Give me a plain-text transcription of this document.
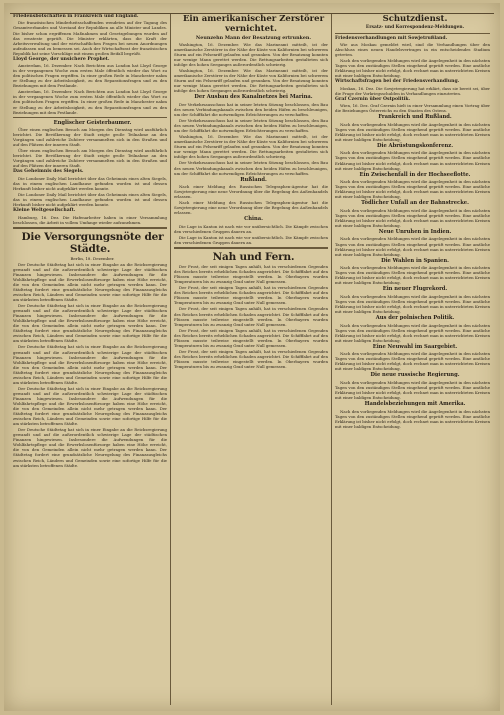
Friedensbotschaften in Frankreich und England.

Die französischen Minderheitsschaffenden wendeten auf der Tagung des Gesamtverbandes und Vorstand der Republiken an alle Minister und Landes. Die bisher schon ergriffenen Maßnahmen und Gesetzgebungen wurden auf das ernsteste geprüft. Die Minister erklärten, dass die Kraft der Arbeitsverwaltung und der wirtschaftlichen Fragen bei neuen Anordnungen aufzufassen und zu bemessen sei. Auch der Wirtschaftsrat der französischen Republik hat seine Vorschläge mit einem großen Beifall begrüßt.

Lloyd George, der unsichere Prophet.

Amsterdam, 16. Dezember. Nach Berichten aus London hat Lloyd George in der vergangenen Woche zum ersten Male öffentlich wieder das Wort zu den politischen Fragen ergriffen. In einer großen Rede in Manchester nahm er Stellung zu der Arbeitslosigkeit, zu den Reparationsfragen und zu den Beziehungen mit dem Festlande.

Amsterdam, 16. Dezember. Nach Berichten aus London hat Lloyd George in der vergangenen Woche zum ersten Male öffentlich wieder das Wort zu den politischen Fragen ergriffen. In einer großen Rede in Manchester nahm er Stellung zu der Arbeitslosigkeit, zu den Reparationsfragen und zu den Beziehungen mit dem Festlande.

Englischer Geisterbaumer.

Über einen englischen Besuch am Morgen des Dienstag wird ausführlich berichtet. Die Bevölkerung der Stadt zeigte große Teilnahme an den Vorgängen und zahlreiche Zuhörer versammelten sich in den Straßen und auf den Plätzen der inneren Stadt.

Über einen englischen Besuch am Morgen des Dienstag wird ausführlich berichtet. Die Bevölkerung der Stadt zeigte große Teilnahme an den Vorgängen und zahlreiche Zuhörer versammelten sich in den Straßen und auf den Plätzen der inneren Stadt.

Das Geheimnis des Siegels.

Die Londoner Daily Mail berichtet über das Geheimnis eines alten Siegels, das in einem englischen Landhause gefunden worden ist und dessen Herkunft bisher nicht aufgeklärt werden konnte.

Die Londoner Daily Mail berichtet über das Geheimnis eines alten Siegels, das in einem englischen Landhause gefunden worden ist und dessen Herkunft bisher nicht aufgeklärt werden konnte.

Kleine Weltgesellschaft.

Hamburg, 16. Dez. Die Hafenarbeiter haben in einer Versammlung beschlossen, die Arbeit in vollem Umfange wieder aufzunehmen.

Die Versorgungsnöte der Städte.

Berlin, 18. Dezember.

Der Deutsche Städtetag hat sich in einer Eingabe an die Reichsregierung gewandt und auf die außerordentlich schwierige Lage der städtischen Finanzen hingewiesen. Insbesondere die Aufwendungen für die Wohlfahrtspflege und die Erwerbslosenfürsorge haben eine Höhe erreicht, die von den Gemeinden allein nicht mehr getragen werden kann. Der Städtetag fordert eine grundsätzliche Neuregelung des Finanzausgleichs zwischen Reich, Ländern und Gemeinden sowie eine sofortige Hilfe für die am stärksten betroffenen Städte.

Der Deutsche Städtetag hat sich in einer Eingabe an die Reichsregierung gewandt und auf die außerordentlich schwierige Lage der städtischen Finanzen hingewiesen. Insbesondere die Aufwendungen für die Wohlfahrtspflege und die Erwerbslosenfürsorge haben eine Höhe erreicht, die von den Gemeinden allein nicht mehr getragen werden kann. Der Städtetag fordert eine grundsätzliche Neuregelung des Finanzausgleichs zwischen Reich, Ländern und Gemeinden sowie eine sofortige Hilfe für die am stärksten betroffenen Städte.

Der Deutsche Städtetag hat sich in einer Eingabe an die Reichsregierung gewandt und auf die außerordentlich schwierige Lage der städtischen Finanzen hingewiesen. Insbesondere die Aufwendungen für die Wohlfahrtspflege und die Erwerbslosenfürsorge haben eine Höhe erreicht, die von den Gemeinden allein nicht mehr getragen werden kann. Der Städtetag fordert eine grundsätzliche Neuregelung des Finanzausgleichs zwischen Reich, Ländern und Gemeinden sowie eine sofortige Hilfe für die am stärksten betroffenen Städte.

Der Deutsche Städtetag hat sich in einer Eingabe an die Reichsregierung gewandt und auf die außerordentlich schwierige Lage der städtischen Finanzen hingewiesen. Insbesondere die Aufwendungen für die Wohlfahrtspflege und die Erwerbslosenfürsorge haben eine Höhe erreicht, die von den Gemeinden allein nicht mehr getragen werden kann. Der Städtetag fordert eine grundsätzliche Neuregelung des Finanzausgleichs zwischen Reich, Ländern und Gemeinden sowie eine sofortige Hilfe für die am stärksten betroffenen Städte.

Der Deutsche Städtetag hat sich in einer Eingabe an die Reichsregierung gewandt und auf die außerordentlich schwierige Lage der städtischen Finanzen hingewiesen. Insbesondere die Aufwendungen für die Wohlfahrtspflege und die Erwerbslosenfürsorge haben eine Höhe erreicht, die von den Gemeinden allein nicht mehr getragen werden kann. Der Städtetag fordert eine grundsätzliche Neuregelung des Finanzausgleichs zwischen Reich, Ländern und Gemeinden sowie eine sofortige Hilfe für die am stärksten betroffenen Städte.

Ein amerikanischer Zerstörer vernichtet.

Neunzehn Mann der Besatzung ertrunken.

Washington, 16. Dezember. Wie das Marineamt mitteilt, ist der amerikanische Zerstörer in der Nähe der Küste von Kalifornien bei schwerem Sturm auf ein Felsenriff gelaufen und gesunken. Von der Besatzung konnten nur wenige Mann gerettet werden. Die Rettungsarbeiten gestalteten sich infolge des hohen Seeganges außerordentlich schwierig.

Washington, 16. Dezember. Wie das Marineamt mitteilt, ist der amerikanische Zerstörer in der Nähe der Küste von Kalifornien bei schwerem Sturm auf ein Felsenriff gelaufen und gesunken. Von der Besatzung konnten nur wenige Mann gerettet werden. Die Rettungsarbeiten gestalteten sich infolge des hohen Seeganges außerordentlich schwierig.

Der Ausbau des Kanalnetzes bei Marina.

Der Verkehrsausschuss hat in seiner letzten Sitzung beschlossen, den Bau des neuen Verbindungskanals zwischen den beiden Häfen zu beschleunigen, um der Schifffahrt die notwendigen Erleichterungen zu verschaffen.

Der Verkehrsausschuss hat in seiner letzten Sitzung beschlossen, den Bau des neuen Verbindungskanals zwischen den beiden Häfen zu beschleunigen, um der Schifffahrt die notwendigen Erleichterungen zu verschaffen.

Washington, 16. Dezember. Wie das Marineamt mitteilt, ist der amerikanische Zerstörer in der Nähe der Küste von Kalifornien bei schwerem Sturm auf ein Felsenriff gelaufen und gesunken. Von der Besatzung konnten nur wenige Mann gerettet werden. Die Rettungsarbeiten gestalteten sich infolge des hohen Seeganges außerordentlich schwierig.

Der Verkehrsausschuss hat in seiner letzten Sitzung beschlossen, den Bau des neuen Verbindungskanals zwischen den beiden Häfen zu beschleunigen, um der Schifffahrt die notwendigen Erleichterungen zu verschaffen.

Rußland.

Nach einer Meldung des Russischen Telegraphen-Agentur hat die Sowjetregierung eine neue Verordnung über die Regelung des Außenhandels erlassen.

Nach einer Meldung des Russischen Telegraphen-Agentur hat die Sowjetregierung eine neue Verordnung über die Regelung des Außenhandels erlassen.

China.

Die Lage in Kanton ist nach wie vor unübersichtlich. Die Kämpfe zwischen den verschiedenen Gruppen dauern an.

Die Lage in Kanton ist nach wie vor unübersichtlich. Die Kämpfe zwischen den verschiedenen Gruppen dauern an.

Nah und Fern.

Der Frost, der seit einigen Tagen anhält, hat in verschiedenen Gegenden des Reiches bereits erheblichen Schaden angerichtet. Die Schifffahrt auf den Flüssen musste teilweise eingestellt werden. In Oberbayern wurden Temperaturen bis zu zwanzig Grad unter Null gemessen.

Der Frost, der seit einigen Tagen anhält, hat in verschiedenen Gegenden des Reiches bereits erheblichen Schaden angerichtet. Die Schifffahrt auf den Flüssen musste teilweise eingestellt werden. In Oberbayern wurden Temperaturen bis zu zwanzig Grad unter Null gemessen.

Der Frost, der seit einigen Tagen anhält, hat in verschiedenen Gegenden des Reiches bereits erheblichen Schaden angerichtet. Die Schifffahrt auf den Flüssen musste teilweise eingestellt werden. In Oberbayern wurden Temperaturen bis zu zwanzig Grad unter Null gemessen.

Der Frost, der seit einigen Tagen anhält, hat in verschiedenen Gegenden des Reiches bereits erheblichen Schaden angerichtet. Die Schifffahrt auf den Flüssen musste teilweise eingestellt werden. In Oberbayern wurden Temperaturen bis zu zwanzig Grad unter Null gemessen.

Der Frost, der seit einigen Tagen anhält, hat in verschiedenen Gegenden des Reiches bereits erheblichen Schaden angerichtet. Die Schifffahrt auf den Flüssen musste teilweise eingestellt werden. In Oberbayern wurden Temperaturen bis zu zwanzig Grad unter Null gemessen.

Schutzdienst.

Ersatz- und Korrespondenz-Meldungen.

Friedensverhandlungen mit Sowjetrußland.

Wie aus Moskau gemeldet wird, sind die Verhandlungen über den Abschluss eines neuen Handelsvertrages in ein entscheidendes Stadium getreten.

Nach den vorliegenden Meldungen wird die Angelegenheit in den nächsten Tagen von den zuständigen Stellen eingehend geprüft werden. Eine amtliche Erklärung ist bisher nicht erfolgt, doch rechnet man in unterrichteten Kreisen mit einer baldigen Entscheidung.

Wirtschaftsfragen bei der Friedensverhandlung.

Moskau, 16. Dez. Die Sowjetregierung hat erklärt, dass sie bereit sei, über die Frage der Vorkriegsschulden in Verhandlungen einzutreten.

Graf Czernin über Ostpolitik.

Wien, 16. Dez. Graf Czernin hielt in einer Versammlung einen Vortrag über die Beziehungen Österreichs zu den Staaten des Ostens.

Frankreich und Rußland.

Nach den vorliegenden Meldungen wird die Angelegenheit in den nächsten Tagen von den zuständigen Stellen eingehend geprüft werden. Eine amtliche Erklärung ist bisher nicht erfolgt, doch rechnet man in unterrichteten Kreisen mit einer baldigen Entscheidung.

Die Abrüstungskonferenz.

Nach den vorliegenden Meldungen wird die Angelegenheit in den nächsten Tagen von den zuständigen Stellen eingehend geprüft werden. Eine amtliche Erklärung ist bisher nicht erfolgt, doch rechnet man in unterrichteten Kreisen mit einer baldigen Entscheidung.

Ein Zwischenfall in der Hochseeflotte.

Nach den vorliegenden Meldungen wird die Angelegenheit in den nächsten Tagen von den zuständigen Stellen eingehend geprüft werden. Eine amtliche Erklärung ist bisher nicht erfolgt, doch rechnet man in unterrichteten Kreisen mit einer baldigen Entscheidung.

Tödlicher Unfall an der Bahnstrecke.

Nach den vorliegenden Meldungen wird die Angelegenheit in den nächsten Tagen von den zuständigen Stellen eingehend geprüft werden. Eine amtliche Erklärung ist bisher nicht erfolgt, doch rechnet man in unterrichteten Kreisen mit einer baldigen Entscheidung.

Neue Unruhen in Indien.

Nach den vorliegenden Meldungen wird die Angelegenheit in den nächsten Tagen von den zuständigen Stellen eingehend geprüft werden. Eine amtliche Erklärung ist bisher nicht erfolgt, doch rechnet man in unterrichteten Kreisen mit einer baldigen Entscheidung.

Die Wahlen in Spanien.

Nach den vorliegenden Meldungen wird die Angelegenheit in den nächsten Tagen von den zuständigen Stellen eingehend geprüft werden. Eine amtliche Erklärung ist bisher nicht erfolgt, doch rechnet man in unterrichteten Kreisen mit einer baldigen Entscheidung.

Ein neuer Flugrekord.

Nach den vorliegenden Meldungen wird die Angelegenheit in den nächsten Tagen von den zuständigen Stellen eingehend geprüft werden. Eine amtliche Erklärung ist bisher nicht erfolgt, doch rechnet man in unterrichteten Kreisen mit einer baldigen Entscheidung.

Aus der polnischen Politik.

Nach den vorliegenden Meldungen wird die Angelegenheit in den nächsten Tagen von den zuständigen Stellen eingehend geprüft werden. Eine amtliche Erklärung ist bisher nicht erfolgt, doch rechnet man in unterrichteten Kreisen mit einer baldigen Entscheidung.

Eine Neuwahl im Saargebiet.

Nach den vorliegenden Meldungen wird die Angelegenheit in den nächsten Tagen von den zuständigen Stellen eingehend geprüft werden. Eine amtliche Erklärung ist bisher nicht erfolgt, doch rechnet man in unterrichteten Kreisen mit einer baldigen Entscheidung.

Die neue russische Regierung.

Nach den vorliegenden Meldungen wird die Angelegenheit in den nächsten Tagen von den zuständigen Stellen eingehend geprüft werden. Eine amtliche Erklärung ist bisher nicht erfolgt, doch rechnet man in unterrichteten Kreisen mit einer baldigen Entscheidung.

Handelsbeziehungen mit Amerika.

Nach den vorliegenden Meldungen wird die Angelegenheit in den nächsten Tagen von den zuständigen Stellen eingehend geprüft werden. Eine amtliche Erklärung ist bisher nicht erfolgt, doch rechnet man in unterrichteten Kreisen mit einer baldigen Entscheidung.
